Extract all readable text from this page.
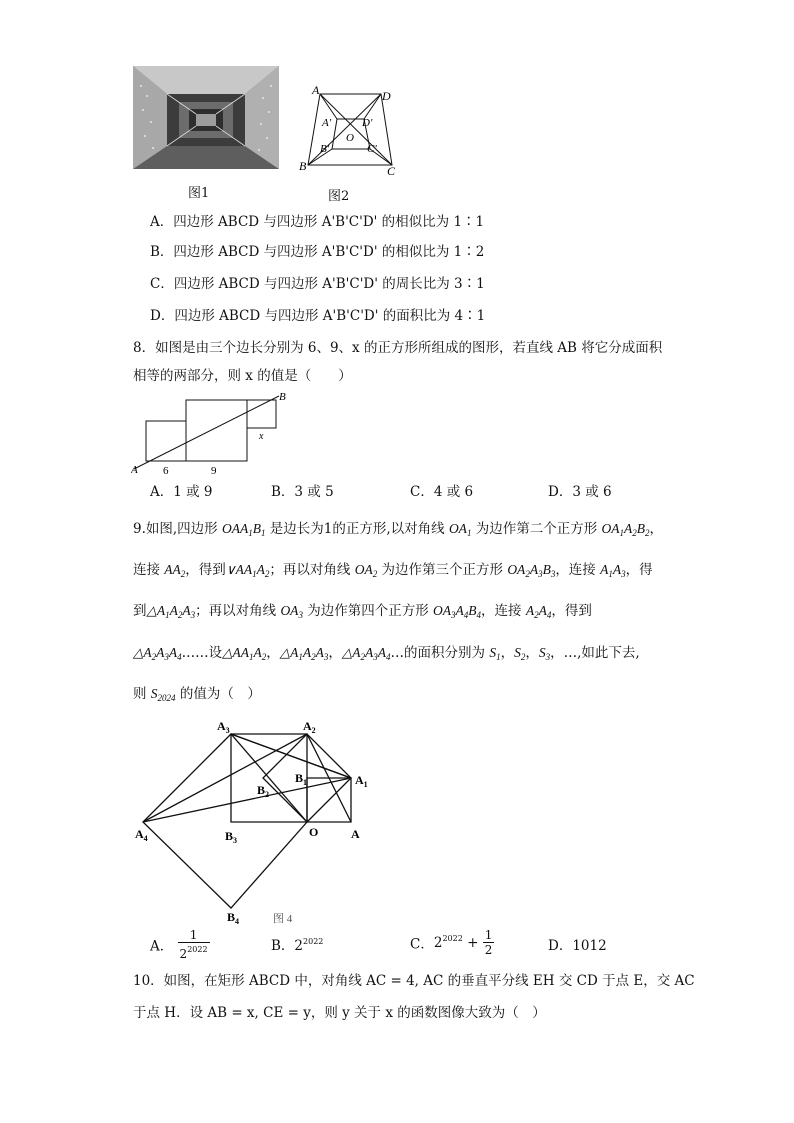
图1
A	D
A'	D'
O
B'	C'
B	C
图2
A．四边形 ABCD 与四边形 A'B'C'D' 的相似比为 1∶1
B．四边形 ABCD 与四边形 A'B'C'D' 的相似比为 1∶2
C．四边形 ABCD 与四边形 A'B'C'D' 的周长比为 3∶1
D．四边形 ABCD 与四边形 A'B'C'D' 的面积比为 4∶1
8．如图是由三个边长分别为 6、9、x 的正方形所组成的图形，若直线 AB 将它分成面积
相等的两部分，则 x 的值是（　　）
A
B
x
6	9
A．1 或 9	B．3 或 5	C．4 或 6	D．3 或 6
9.如图,四边形 $OAA_1B_1$ 是边长为1的正方形,以对角线 $OA_1$ 为边作第二个正方形 $OA_1A_2B_2$，
连接 $AA_2$，得到$\vee AA_1A_2$；再以对角线 $OA_2$ 为边作第三个正方形 $OA_2A_3B_3$，连接 $A_1A_3$，得
到$\triangle A_1A_2A_3$；再以对角线 $OA_3$ 为边作第四个正方形 $OA_3A_4B_4$，连接 $A_2A_4$，得到
$\triangle A_2A_3A_4\dots\dots$设$\triangle AA_1A_2$，$\triangle A_1A_2A_3$，$\triangle A_2A_3A_4\dots$的面积分别为 $S_1$，$S_2$，$S_3$，…,如此下去,
则 $S_{2024}$ 的值为（　）
$A_3$	$A_2$
$A_1$
A
$B_1$
$B_2$
$B_3$
O
$A_4$
$B_4$	图 4
A． $\frac{1}{2^{2022}}$	B．$2^{2022}$	C．$2^{2022} + \frac{1}{2}$	D．1012
10．如图，在矩形 ABCD 中，对角线 AC = 4, AC 的垂直平分线 EH 交 CD 于点 E，交 AC
于点 H．设 AB = x, CE = y，则 y 关于 x 的函数图像大致为（　）
